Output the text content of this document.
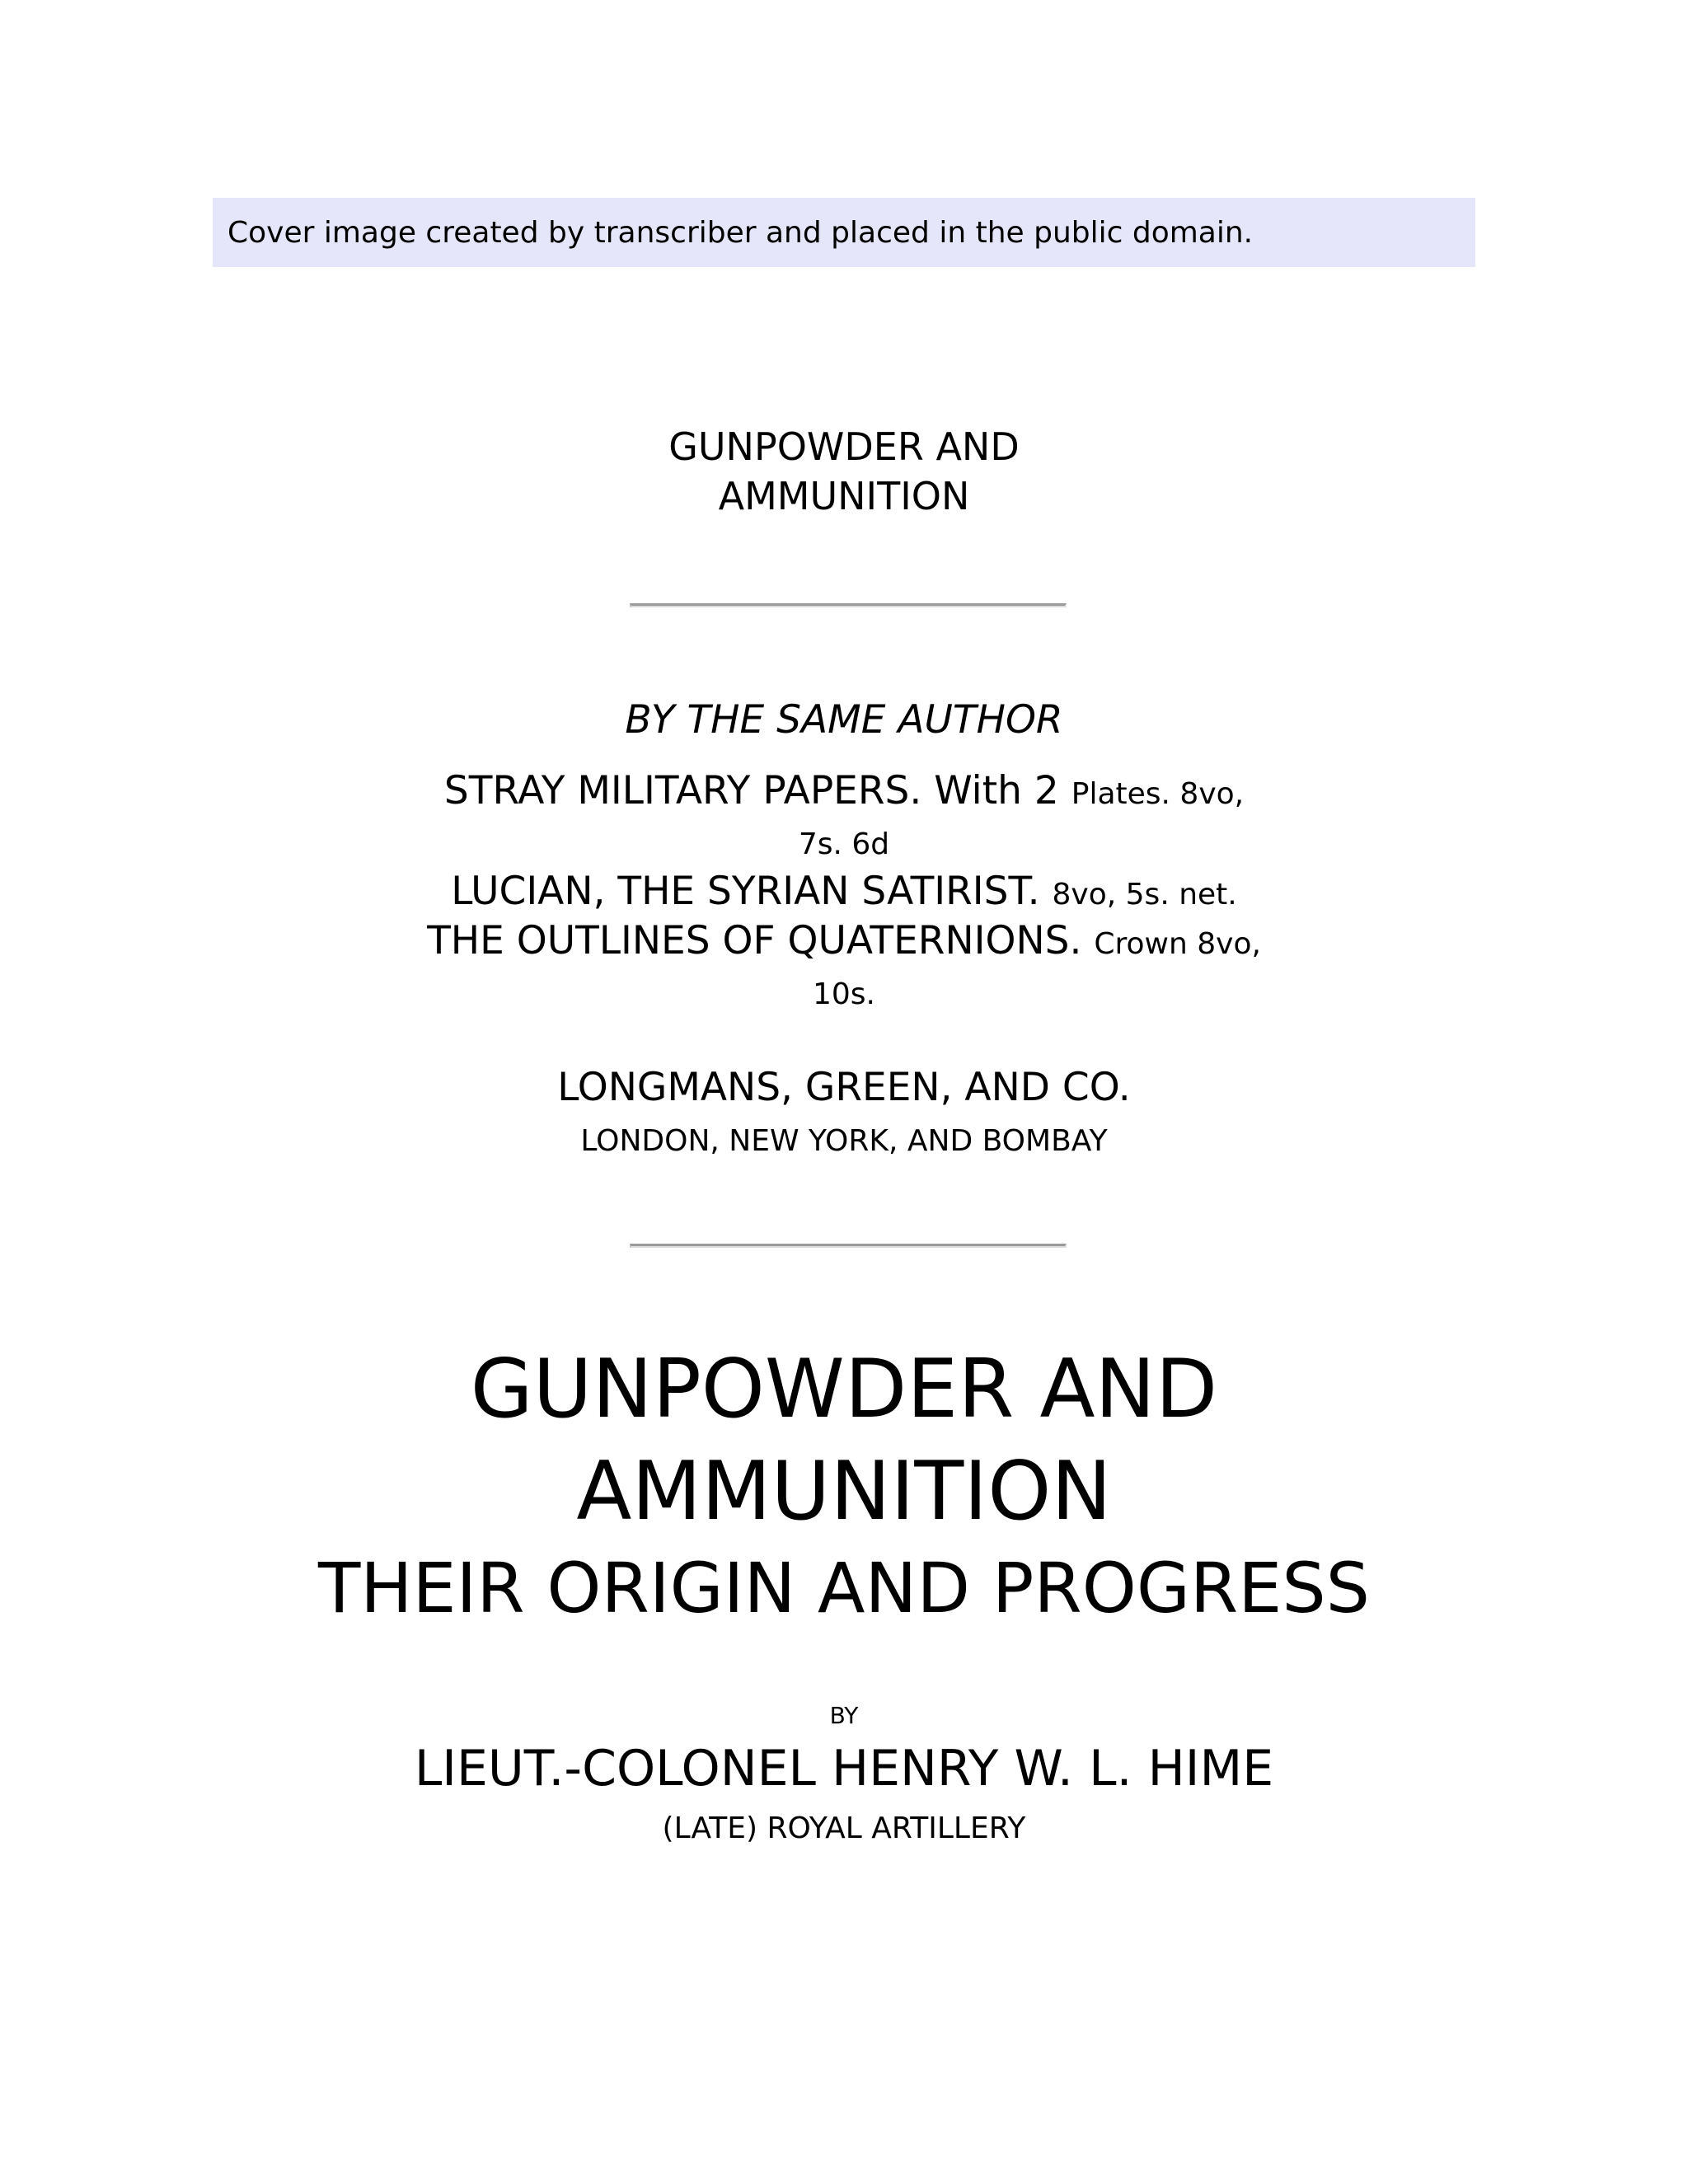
Cover image created by transcriber and placed in the public domain.
GUNPOWDER AND
AMMUNITION
BY THE SAME AUTHOR
STRAY MILITARY PAPERS. With 2 Plates. 8vo,
7s. 6d
LUCIAN, THE SYRIAN SATIRIST. 8vo, 5s. net.
THE OUTLINES OF QUATERNIONS. Crown 8vo,
10s.
LONGMANS, GREEN, AND CO.
LONDON, NEW YORK, AND BOMBAY
GUNPOWDER AND
AMMUNITION
THEIR ORIGIN AND PROGRESS
BY
LIEUT.-COLONEL HENRY W. L. HIME
(LATE) ROYAL ARTILLERY
